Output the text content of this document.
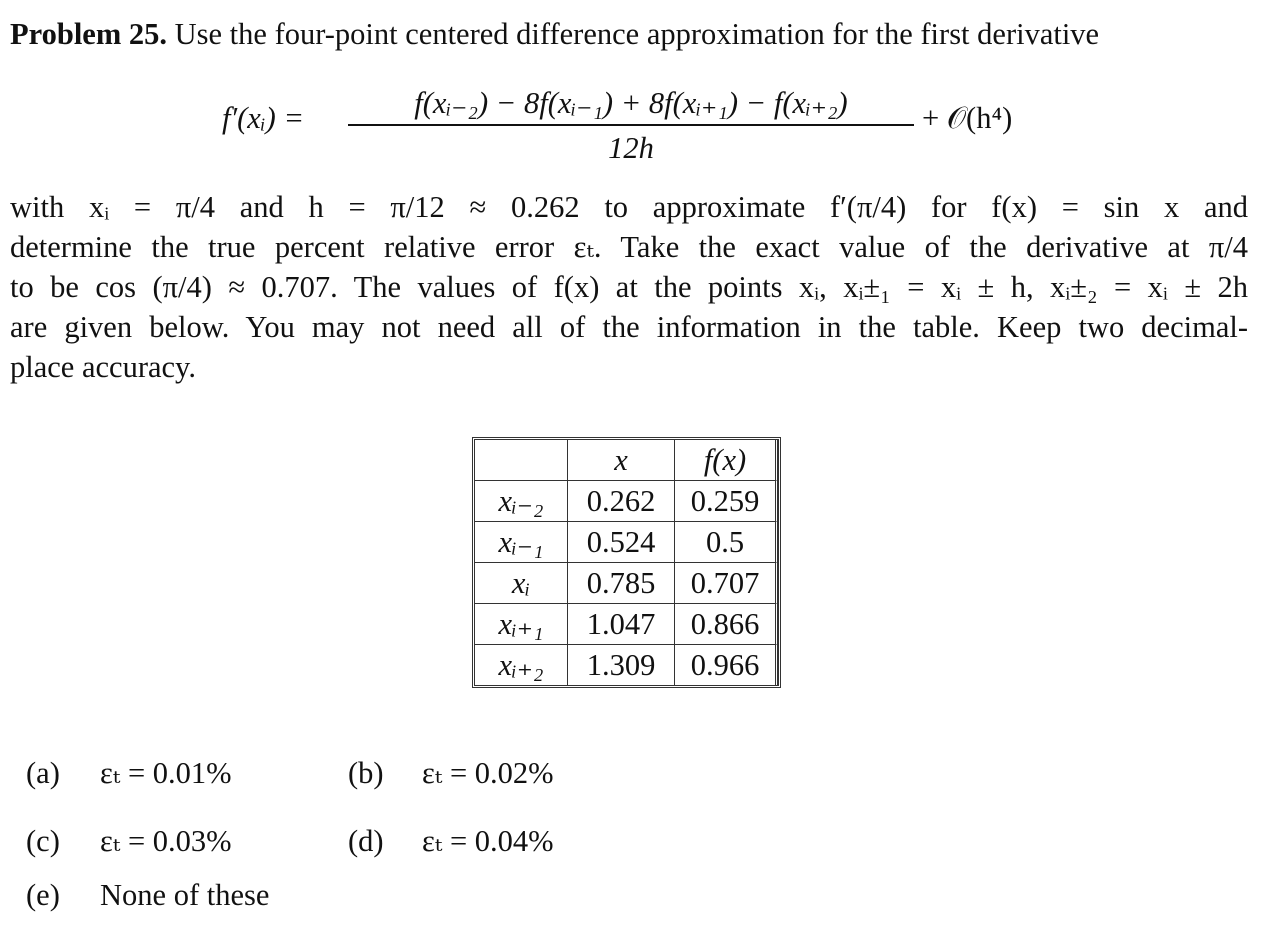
Problem 25. Use the four-point centered difference approximation for the first derivative
f′(xᵢ) =	f(xᵢ₋₂) − 8f(xᵢ₋₁) + 8f(xᵢ₊₁) − f(xᵢ₊₂)
12h
+ 𝒪(h⁴)
with xᵢ = π/4 and h = π/12 ≈ 0.262 to approximate f′(π/4) for f(x) = sin x and
determine the true percent relative error εₜ. Take the exact value of the derivative at π/4
to be cos (π/4) ≈ 0.707. The values of f(x) at the points xᵢ, xᵢ±₁ = xᵢ ± h, xᵢ±₂ = xᵢ ± 2h
are given below. You may not need all of the information in the table. Keep two decimal-
place accuracy.
	x	f(x)
xᵢ₋₂	0.262	0.259
xᵢ₋₁	0.524	0.5
xᵢ	0.785	0.707
xᵢ₊₁	1.047	0.866
xᵢ₊₂	1.309	0.966
(a) εₜ = 0.01%	(b) εₜ = 0.02%
(c) εₜ = 0.03%	(d) εₜ = 0.04%
(e) None of these
